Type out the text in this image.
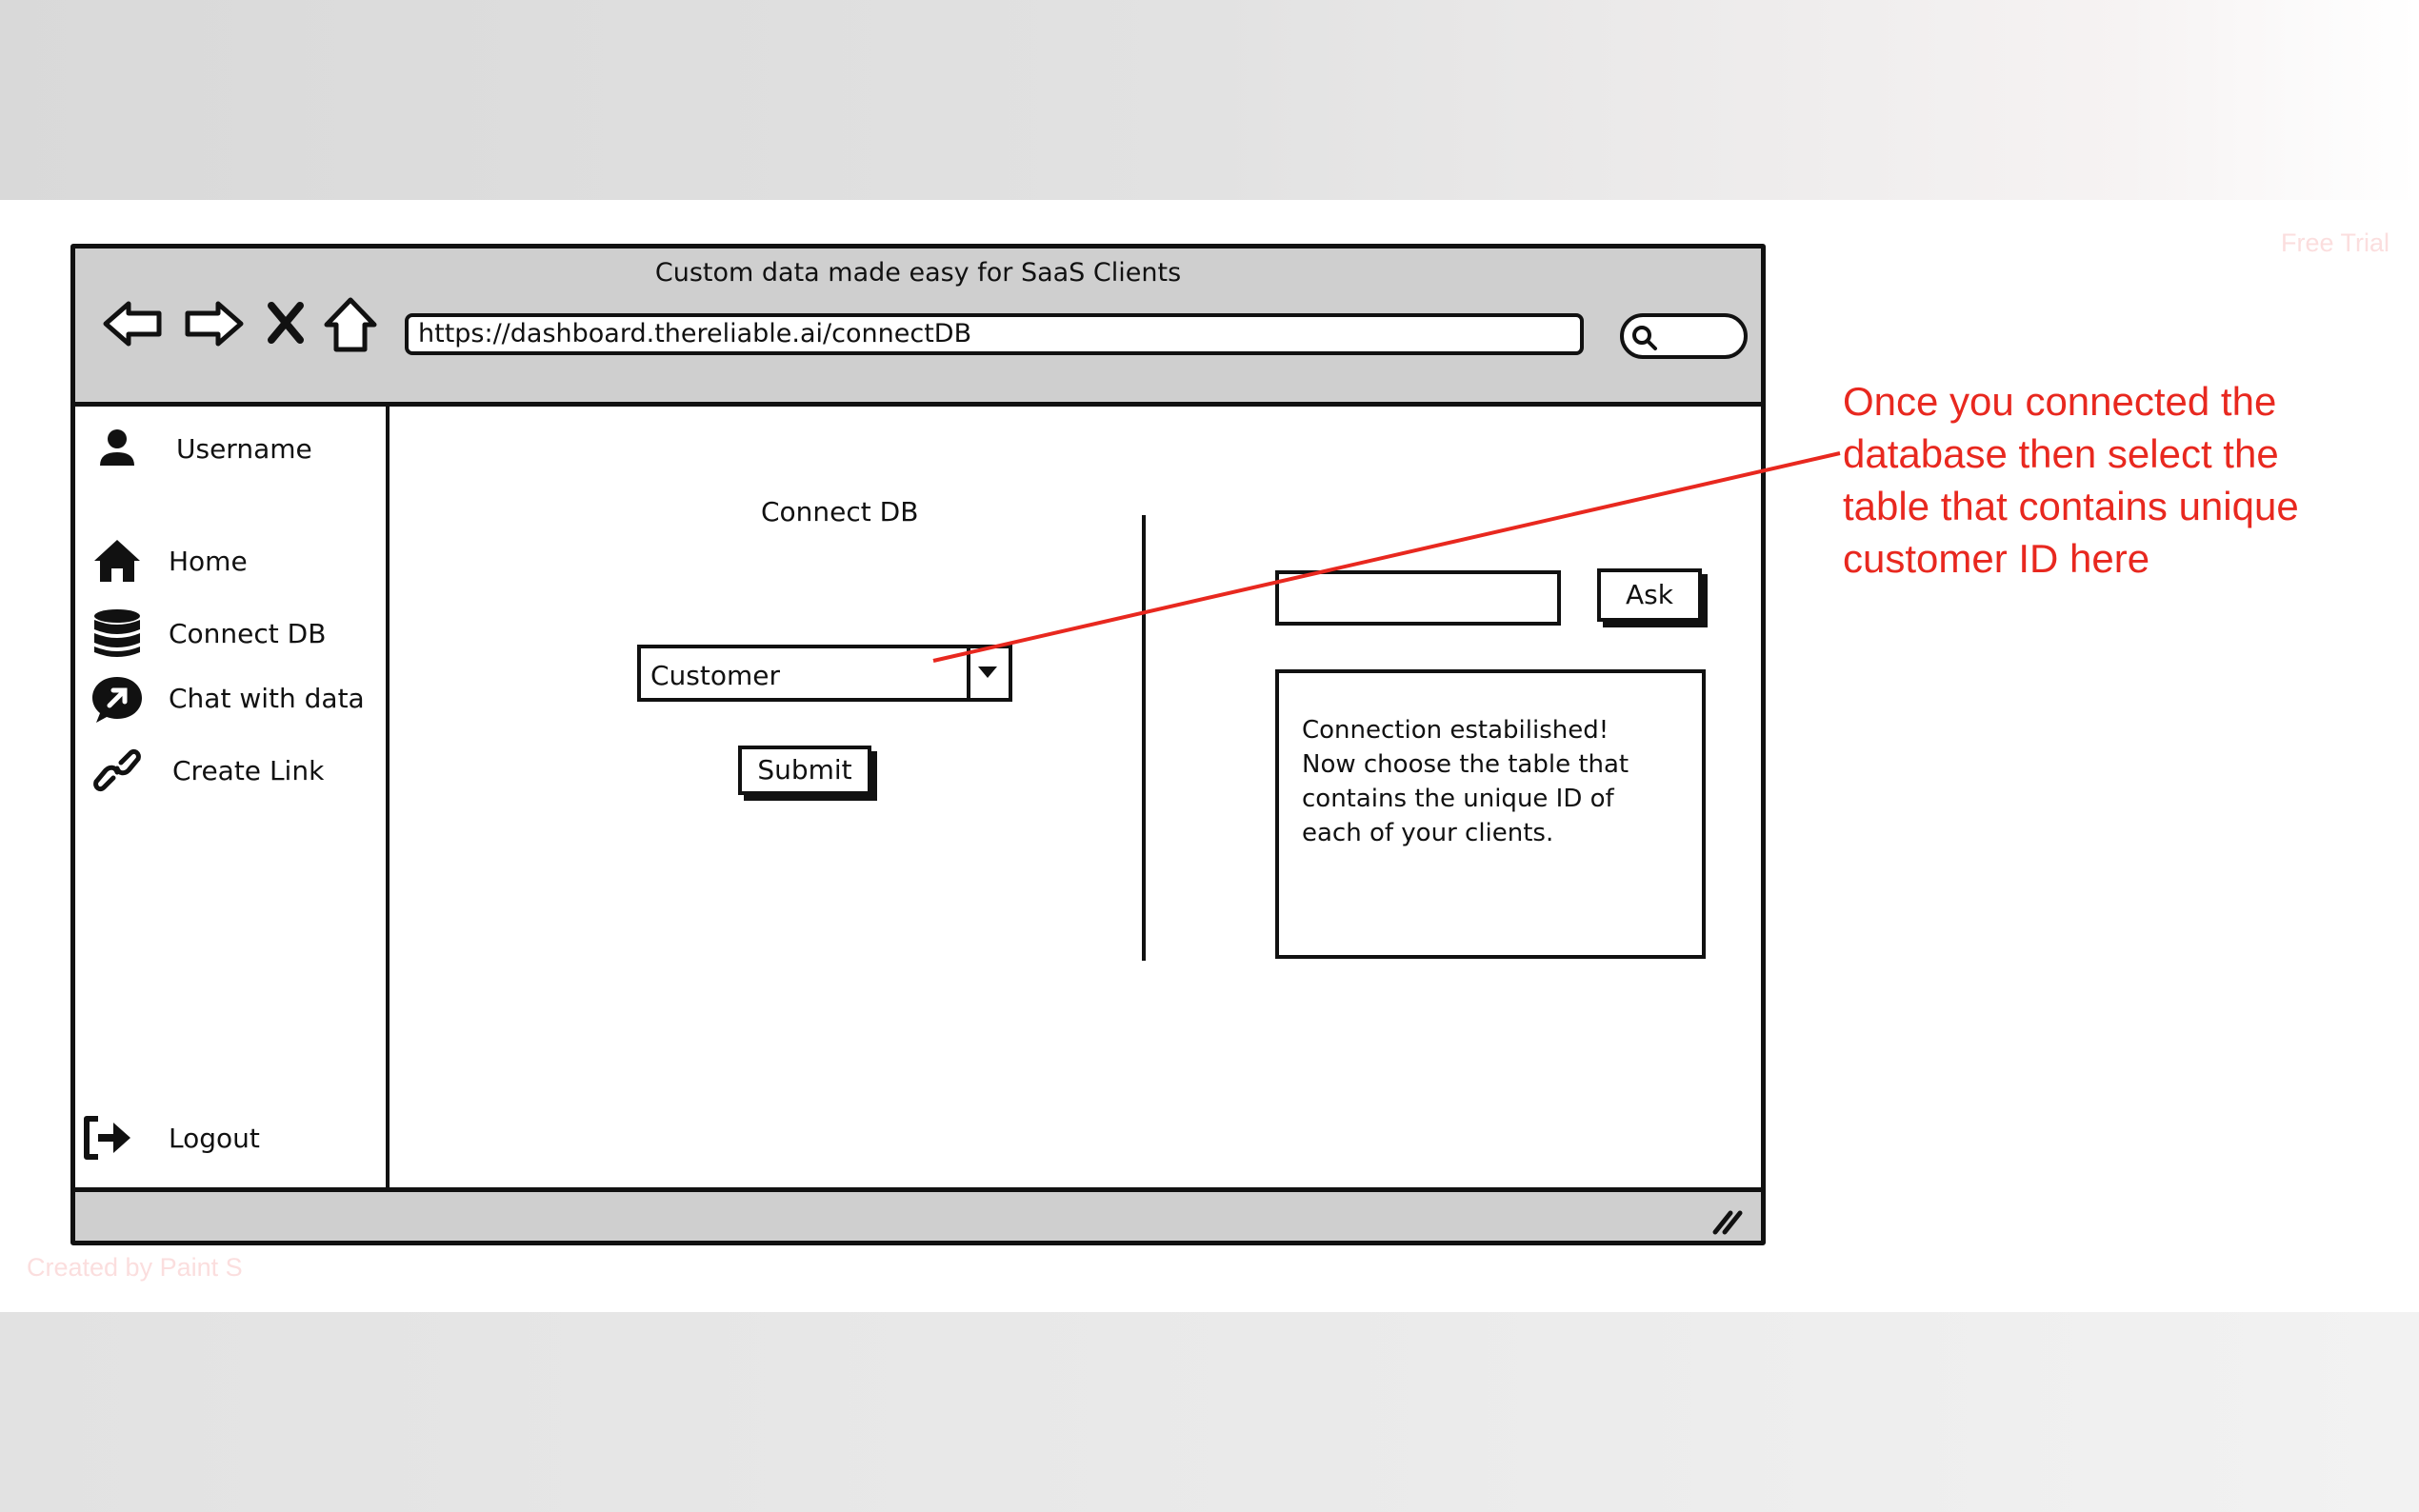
Free Trial
Custom data made easy for SaaS Clients
https://dashboard.thereliable.ai/connectDB
Username
Home
Connect DB
Chat with data
Create Link
Logout
Connect DB
Customer
Submit
Ask
Connection estabilished!
Now choose the table that
contains the unique ID of
each of your clients.
Created by Paint S
Once you connected the
database then select the
table that contains unique
customer ID here
